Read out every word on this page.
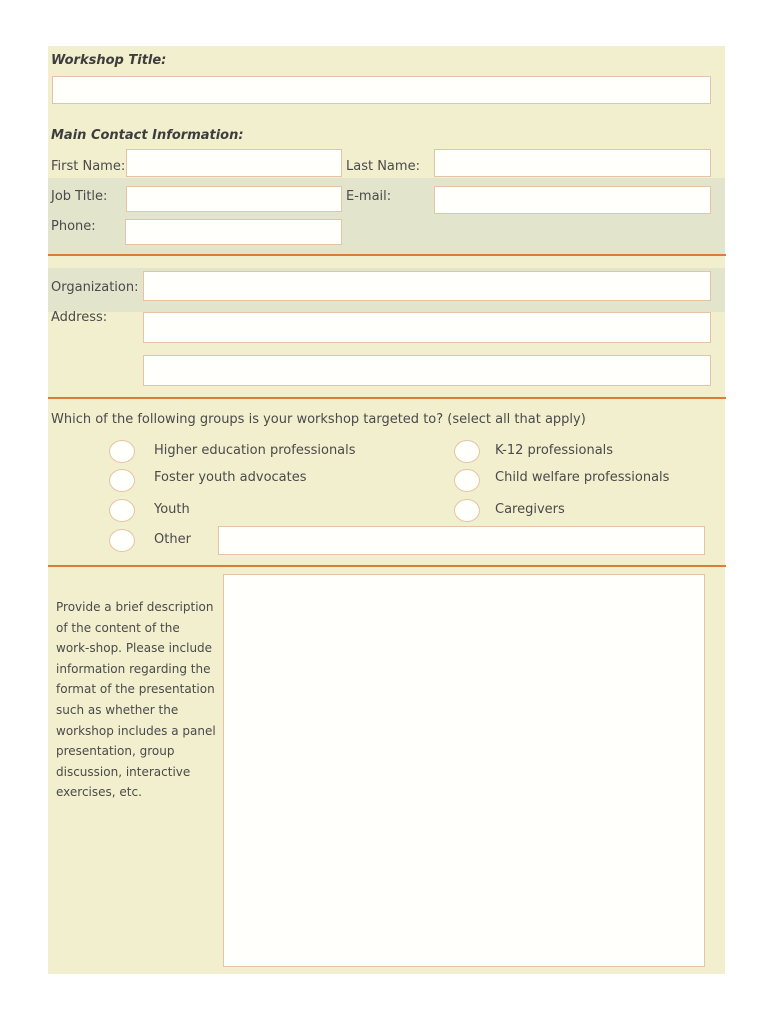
Workshop Title:
Main Contact Information:
First Name:	Last Name:
Job Title:	E-mail:
Phone:
Organization:
Address:
Which of the following groups is your workshop targeted to? (select all that apply)
Higher education professionals	K-12 professionals
Foster youth advocates	Child welfare professionals
Youth	Caregivers
Other
Provide a brief description of the content of the work-shop. Please include information regarding the format of the presentation such as whether the workshop includes a panel presentation, group discussion, interactive exercises, etc.
